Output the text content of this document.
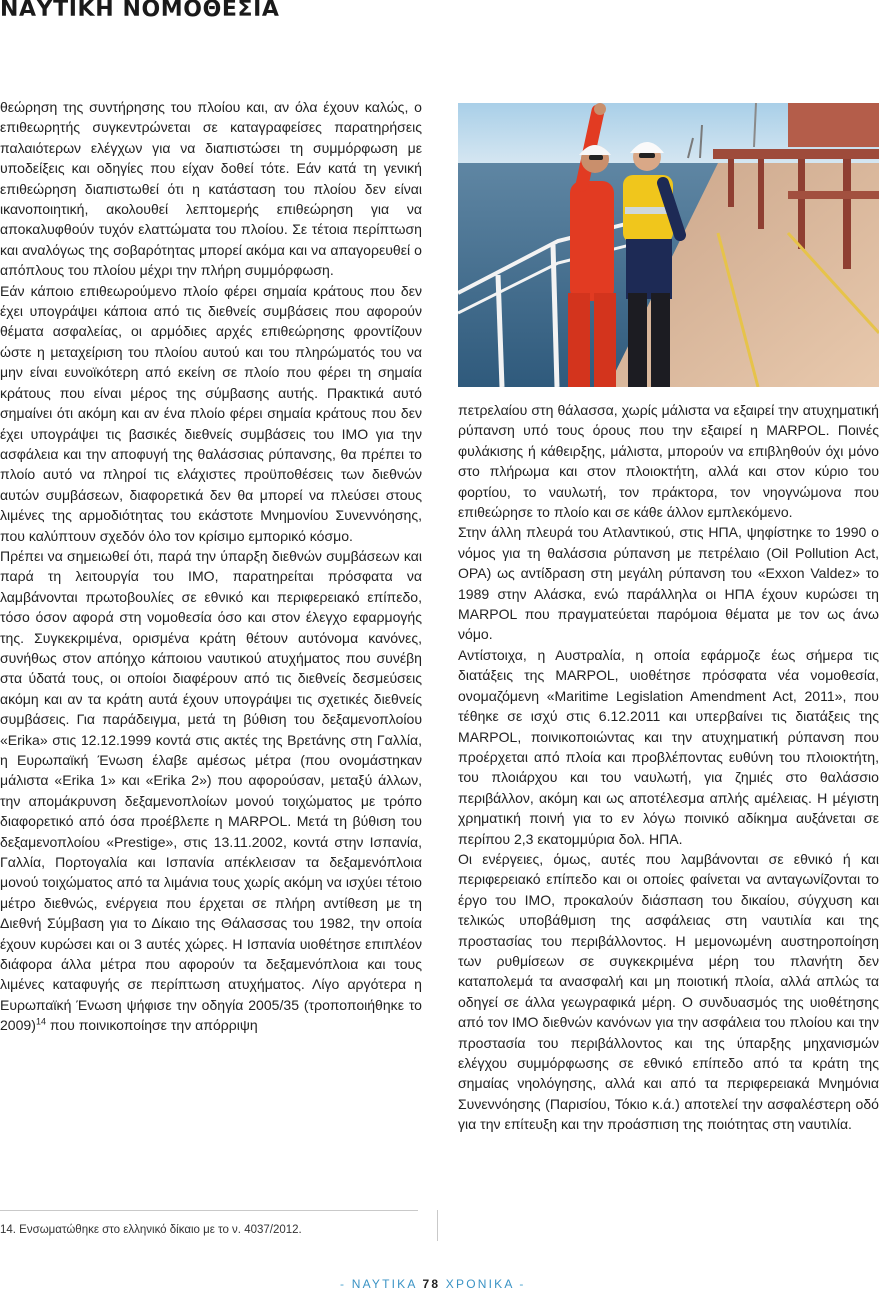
ΝΑΥΤΙΚΗ ΝΟΜΟΘΕΣΙΑ

θεώρηση της συντήρησης του πλοίου και, αν όλα έχουν καλώς, ο επιθεωρητής συγκεντρώνεται σε καταγραφείσες παρατηρήσεις παλαιότερων ελέγχων για να διαπιστώσει τη συμμόρφωση με υποδείξεις και οδηγίες που είχαν δοθεί τότε. Εάν κατά τη γενική επιθεώρηση διαπιστωθεί ότι η κατάσταση του πλοίου δεν είναι ικανοποιητική, ακολουθεί λεπτομερής επιθεώρηση για να αποκαλυφθούν τυχόν ελαττώματα του πλοίου. Σε τέτοια περίπτωση και αναλόγως της σοβαρότητας μπορεί ακόμα και να απαγορευθεί ο απόπλους του πλοίου μέχρι την πλήρη συμμόρφωση.

Εάν κάποιο επιθεωρούμενο πλοίο φέρει σημαία κράτους που δεν έχει υπογράψει κάποια από τις διεθνείς συμβάσεις που αφορούν θέματα ασφαλείας, οι αρμόδιες αρχές επιθεώρησης φροντίζουν ώστε η μεταχείριση του πλοίου αυτού και του πληρώματός του να μην είναι ευνοϊκότερη από εκείνη σε πλοίο που φέρει τη σημαία κράτους που είναι μέρος της σύμβασης αυτής. Πρακτικά αυτό σημαίνει ότι ακόμη και αν ένα πλοίο φέρει σημαία κράτους που δεν έχει υπογράψει τις βασικές διεθνείς συμβάσεις του ΙΜΟ για την ασφάλεια και την αποφυγή της θαλάσσιας ρύπανσης, θα πρέπει το πλοίο αυτό να πληροί τις ελάχιστες προϋποθέσεις των διεθνών αυτών συμβάσεων, διαφορετικά δεν θα μπορεί να πλεύσει στους λιμένες της αρμοδιότητας του εκάστοτε Μνημονίου Συνεννόησης, που καλύπτουν σχεδόν όλο τον κρίσιμο εμπορικό κόσμο.

Πρέπει να σημειωθεί ότι, παρά την ύπαρξη διεθνών συμβάσεων και παρά τη λειτουργία του ΙΜΟ, παρατηρείται πρόσφατα να λαμβάνονται πρωτοβουλίες σε εθνικό και περιφερειακό επίπεδο, τόσο όσον αφορά στη νομοθεσία όσο και στον έλεγχο εφαρμογής της. Συγκεκριμένα, ορισμένα κράτη θέτουν αυτόνομα κανόνες, συνήθως στον απόηχο κάποιου ναυτικού ατυχήματος που συνέβη στα ύδατά τους, οι οποίοι διαφέρουν από τις διεθνείς δεσμεύσεις ακόμη και αν τα κράτη αυτά έχουν υπογράψει τις σχετικές διεθνείς συμβάσεις. Για παράδειγμα, μετά τη βύθιση του δεξαμενοπλοίου «Erika» στις 12.12.1999 κοντά στις ακτές της Βρετάνης στη Γαλλία, η Ευρωπαϊκή Ένωση έλαβε αμέσως μέτρα (που ονομάστηκαν μάλιστα «Erika 1» και «Erika 2») που αφορούσαν, μεταξύ άλλων, την απομάκρυνση δεξαμενοπλοίων μονού τοιχώματος με τρόπο διαφορετικό από όσα προέβλεπε η MARPOL. Μετά τη βύθιση του δεξαμενοπλοίου «Prestige», στις 13.11.2002, κοντά στην Ισπανία, Γαλλία, Πορτογαλία και Ισπανία απέκλεισαν τα δεξαμενόπλοια μονού τοιχώματος από τα λιμάνια τους χωρίς ακόμη να ισχύει τέτοιο μέτρο διεθνώς, ενέργεια που έρχεται σε πλήρη αντίθεση με τη Διεθνή Σύμβαση για το Δίκαιο της Θάλασσας του 1982, την οποία έχουν κυρώσει και οι 3 αυτές χώρες. Η Ισπανία υιοθέτησε επιπλέον διάφορα άλλα μέτρα που αφορούν τα δεξαμενόπλοια και τους λιμένες καταφυγής σε περίπτωση ατυχήματος. Λίγο αργότερα η Ευρωπαϊκή Ένωση ψήφισε την οδηγία 2005/35 (τροποποιήθηκε το 2009)$^{14}$ που ποινικοποίησε την απόρριψη

πετρελαίου στη θάλασσα, χωρίς μάλιστα να εξαιρεί την ατυχηματική ρύπανση υπό τους όρους που την εξαιρεί η MARPOL. Ποινές φυλάκισης ή κάθειρξης, μάλιστα, μπορούν να επιβληθούν όχι μόνο στο πλήρωμα και στον πλοιοκτήτη, αλλά και στον κύριο του φορτίου, το ναυλωτή, τον πράκτορα, τον νηογνώμονα που επιθεώρησε το πλοίο και σε κάθε άλλον εμπλεκόμενο.

Στην άλλη πλευρά του Ατλαντικού, στις ΗΠΑ, ψηφίστηκε το 1990 ο νόμος για τη θαλάσσια ρύπανση με πετρέλαιο (Oil Pollution Act, OPA) ως αντίδραση στη μεγάλη ρύπανση του «Exxon Valdez» το 1989 στην Αλάσκα, ενώ παράλληλα οι ΗΠΑ έχουν κυρώσει τη MARPOL που πραγματεύεται παρόμοια θέματα με τον ως άνω νόμο.

Αντίστοιχα, η Αυστραλία, η οποία εφάρμοζε έως σήμερα τις διατάξεις της MARPOL, υιοθέτησε πρόσφατα νέα νομοθεσία, ονομαζόμενη «Maritime Legislation Amendment Act, 2011», που τέθηκε σε ισχύ στις 6.12.2011 και υπερβαίνει τις διατάξεις της MARPOL, ποινικοποιώντας και την ατυχηματική ρύπανση που προέρχεται από πλοία και προβλέποντας ευθύνη του πλοιοκτήτη, του πλοιάρχου και του ναυλωτή, για ζημιές στο θαλάσσιο περιβάλλον, ακόμη και ως αποτέλεσμα απλής αμέλειας. Η μέγιστη χρηματική ποινή για το εν λόγω ποινικό αδίκημα αυξάνεται σε περίπου 2,3 εκατομμύρια δολ. ΗΠΑ.

Οι ενέργειες, όμως, αυτές που λαμβάνονται σε εθνικό ή και περιφερειακό επίπεδο και οι οποίες φαίνεται να ανταγωνίζονται το έργο του ΙΜΟ, προκαλούν διάσπαση του δικαίου, σύγχυση και τελικώς υποβάθμιση της ασφάλειας στη ναυτιλία και της προστασίας του περιβάλλοντος. Η μεμονωμένη αυστηροποίηση των ρυθμίσεων σε συγκεκριμένα μέρη του πλανήτη δεν καταπολεμά τα ανασφαλή και μη ποιοτική πλοία, αλλά απλώς τα οδηγεί σε άλλα γεωγραφικά μέρη. Ο συνδυασμός της υιοθέτησης από τον ΙΜΟ διεθνών κανόνων για την ασφάλεια του πλοίου και την προστασία του περιβάλλοντος και της ύπαρξης μηχανισμών ελέγχου συμμόρφωσης σε εθνικό επίπεδο από τα κράτη της σημαίας νηολόγησης, αλλά και από τα περιφερειακά Μνημόνια Συνεννόησης (Παρισίου, Τόκιο κ.ά.) αποτελεί την ασφαλέστερη οδό για την επίτευξη και την προάσπιση της ποιότητας στη ναυτιλία.

14. Ενσωματώθηκε στο ελληνικό δίκαιο με το ν. 4037/2012.
- ΝΑΥΤΙΚΑ 78 ΧΡΟΝΙΚΑ -
